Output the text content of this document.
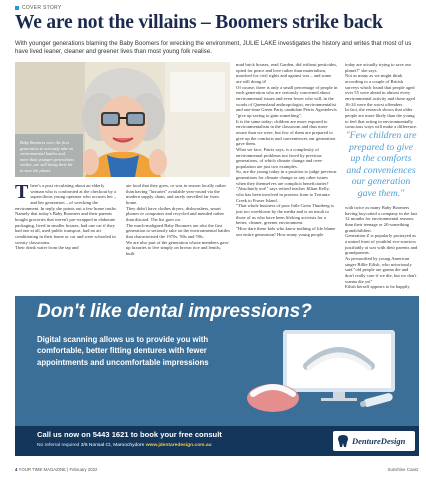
COVER STORY
We are not the villains – Boomers strike back
With younger generations blaming the Baby Boomers for wrecking the environment, JULIE LAKE investigates the history and writes that most of us have lived leaner, cleaner and greener lives than most young folk realise.
Baby Boomers were the first generation to seriously take on environmental battles and, more than younger generations realise, are still doing their bit to save the planet.
T here's a post circulating about an elderly woman who is confronted at the checkout by a supercilious young operator who accuses her – and her generation – of wrecking the environment. In reply she points out a few home truths.

Namely that today's Baby Boomers and their parents bought groceries that weren't pre-wrapped in elaborate packaging, lived in smaller houses, had one car if they had one at all, used public transport, had no air conditioning in their home or car and were schooled in sweaty classrooms.

Their drink water from the tap and

ate food that they grew, or was in season locally rather than having "luxuries" available year-round via the modern supply chain, and rarely travelled far from home.

They didn't have clothes dryers, dishwashers, smart phones or computers and recycled and mended rather than discard. The list goes on.

The much-maligned Baby Boomers are also the first generation to seriously take on the environmental battles that characterised the 1970s, '80s and '90s.

We are also part of the generation whose members gave up luxuries to live simply on brown rice and lentils, built

mud brick houses, read Garden, did without pesticides, opted for peace and love rather than materialism, marched for civil rights and against war – and some are still doing it!

Of course, there is only a small percentage of people in each generation who are seriously concerned about environmental issues and even fewer who will, in the words of Queensland anthropologist, environmentalist and one-time Green Party candidate Petrix Agostelevis "give up saving to gain something".

It is the same today; children are more exposed to environmentalism in the classroom and thus more aware than we were, but few of them are prepared to give up the comforts and conveniences our generation gave them.

What we face, Patrix says, is a complexity of environmental problems not faced by previous generations, of which climate change and over-population are just two examples.

So, are the young today in a position to judge previous generations for climate change or any other issues when they themselves are complicit beneficiaries?

"Absolutely not!" says retired teacher Jillian Kelly, who has been involved in protests from to Terrania Creek to Fraser Island.

"That whole business of poor little Greta Thunberg is just too overblown by the media and is an insult to those of us who have been lifelong activists for a better, cleaner, greener environment.

"How dare these kids who know nothing of life blame our entire generation! How many young people

today are actually trying to save our planet?" she says.

Not as many as we might think according to a couple of British surveys which found that people aged over 55 were ahead in almost every environmental activity and those aged 16-24 were the worst offenders.

In fact, the research shows that older people are more likely than the young to feel that acting in environmentally conscious ways will make a difference.

"Few children are prepared to give up the comforts and conveniences our generation gave them."

with twice as many Baby Boomers having boycotted a company in the last 12 months for environmental reasons than their teenage or 20-something grandchildren.

Generation Z is popularly portrayed as a united front of youthful eco-warriors justifiably at war with their parents and grandparents.

As personified by young American singer Billie Eilish, who notoriously said "old people are gonna die and don't really care if we die, but we don't wanna die yet"

Eilish herself appears to be happily

Don't like dental impressions?
Digital scanning allows us to provide you with comfortable, better fitting dentures with fewer appointments and uncomfortable impressions
Call us now on 5443 1621 to book your free consult
No referral required 3/6 Nonsal Ct, Maroochydore www.jdentaredesign.com.au	DentureDesign
4 YOUR TIME MAGAZINE | February 2022	Sunshine Coast
